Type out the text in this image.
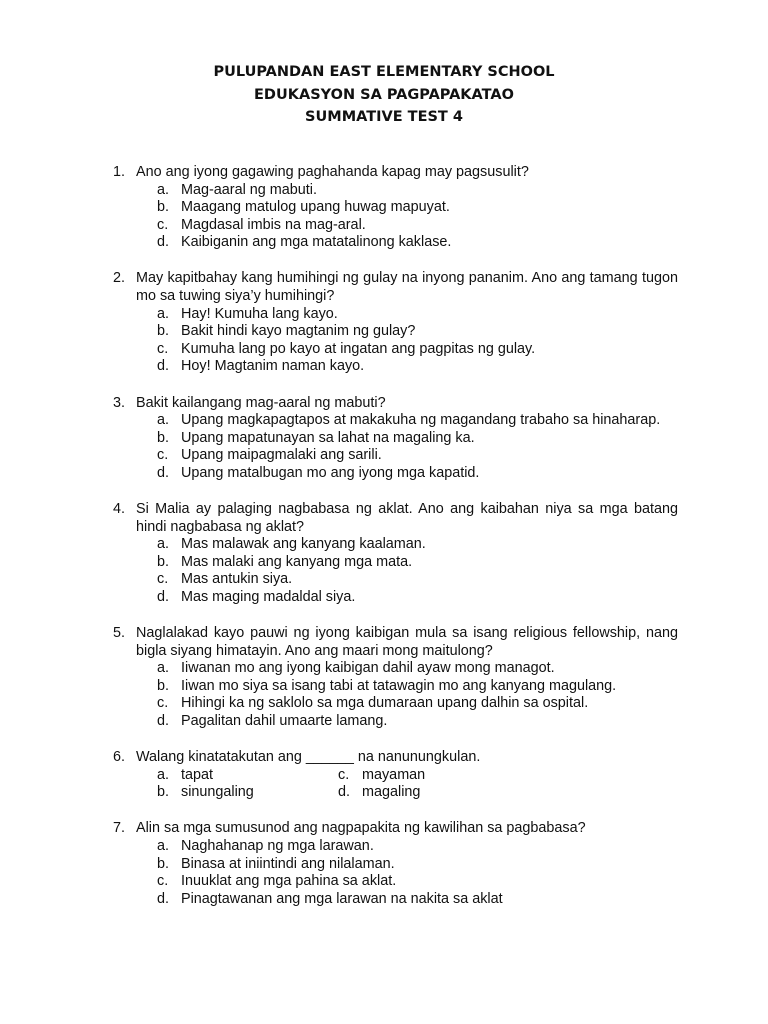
PULUPANDAN EAST ELEMENTARY SCHOOL
EDUKASYON SA PAGPAPAKATAO
SUMMATIVE TEST 4
1. Ano ang iyong gagawing paghahanda kapag may pagsusulit?
a. Mag-aaral ng mabuti.
b. Maagang matulog upang huwag mapuyat.
c. Magdasal imbis na mag-aral.
d. Kaibiganin ang mga matatalinong kaklase.
2. May kapitbahay kang humihingi ng gulay na inyong pananim. Ano ang tamang tugon mo sa tuwing siya’y humihingi?
a. Hay! Kumuha lang kayo.
b. Bakit hindi kayo magtanim ng gulay?
c. Kumuha lang po kayo at ingatan ang pagpitas ng gulay.
d. Hoy! Magtanim naman kayo.
3. Bakit kailangang mag-aaral ng mabuti?
a. Upang magkapagtapos at makakuha ng magandang trabaho sa hinaharap.
b. Upang mapatunayan sa lahat na magaling ka.
c. Upang maipagmalaki ang sarili.
d. Upang matalbugan mo ang iyong mga kapatid.
4. Si Malia ay palaging nagbabasa ng aklat. Ano ang kaibahan niya sa mga batang hindi nagbabasa ng aklat?
a. Mas malawak ang kanyang kaalaman.
b. Mas malaki ang kanyang mga mata.
c. Mas antukin siya.
d. Mas maging madaldal siya.
5. Naglalakad kayo pauwi ng iyong kaibigan mula sa isang religious fellowship, nang bigla siyang himatayin. Ano ang maari mong maitulong?
a. Iiwanan mo ang iyong kaibigan dahil ayaw mong managot.
b. Iiwan mo siya sa isang tabi at tatawagin mo ang kanyang magulang.
c. Hihingi ka ng saklolo sa mga dumaraan upang dalhin sa ospital.
d. Pagalitan dahil umaarte lamang.
6. Walang kinatatakutan ang ______ na nanunungkulan.
a. tapat	c. mayaman
b. sinungaling	d. magaling
7. Alin sa mga sumusunod ang nagpapakita ng kawilihan sa pagbabasa?
a. Naghahanap ng mga larawan.
b. Binasa at iniintindi ang nilalaman.
c. Inuuklat ang mga pahina sa aklat.
d. Pinagtawanan ang mga larawan na nakita sa aklat
